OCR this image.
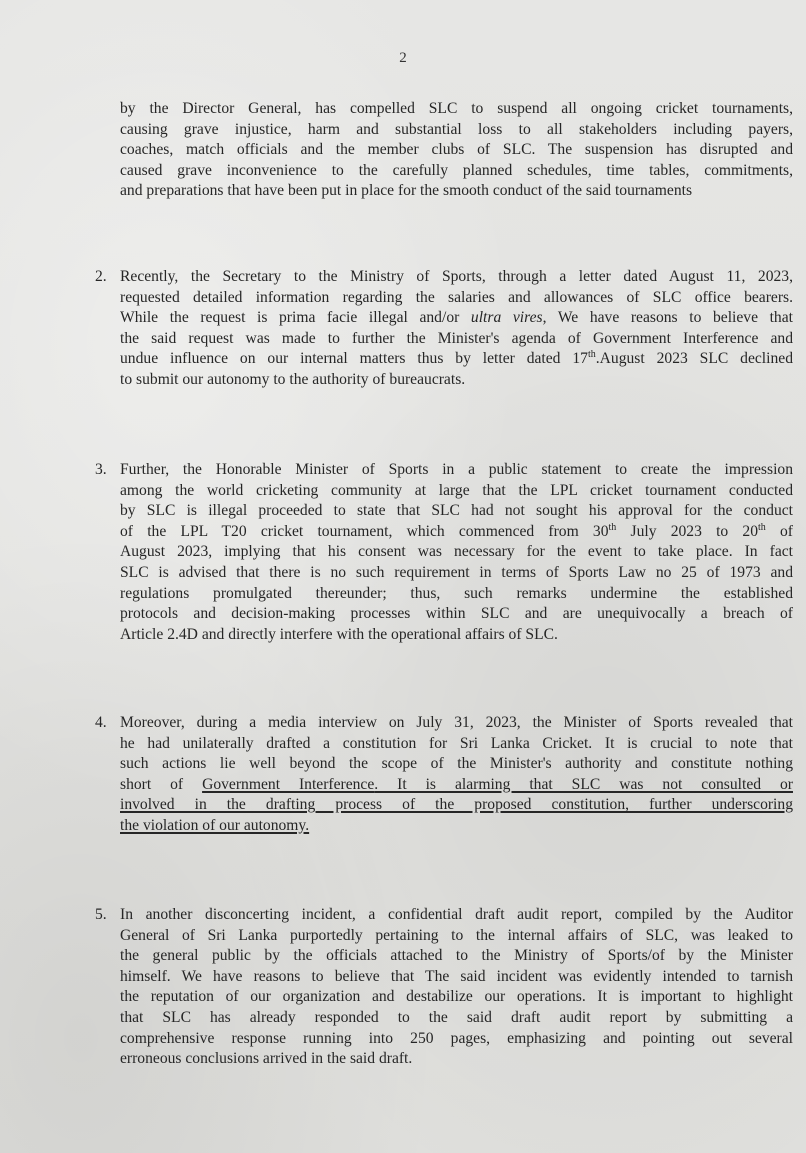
2
by the Director General, has compelled SLC to suspend all ongoing cricket tournaments,
causing grave injustice, harm and substantial loss to all stakeholders including payers,
coaches, match officials and the member clubs of SLC. The suspension has disrupted and
caused grave inconvenience to the carefully planned schedules, time tables, commitments,
and preparations that have been put in place for the smooth conduct of the said tournaments
2. Recently, the Secretary to the Ministry of Sports, through a letter dated August 11, 2023,
requested detailed information regarding the salaries and allowances of SLC office bearers.
While the request is prima facie illegal and/or ultra vires, We have reasons to believe that
the said request was made to further the Minister's agenda of Government Interference and
undue influence on our internal matters thus by letter dated 17th.August 2023 SLC declined
to submit our autonomy to the authority of bureaucrats.
3. Further, the Honorable Minister of Sports in a public statement to create the impression
among the world cricketing community at large that the LPL cricket tournament conducted
by SLC is illegal proceeded to state that SLC had not sought his approval for the conduct
of the LPL T20 cricket tournament, which commenced from 30th July 2023 to 20th of
August 2023, implying that his consent was necessary for the event to take place. In fact
SLC is advised that there is no such requirement in terms of Sports Law no 25 of 1973 and
regulations promulgated thereunder; thus, such remarks undermine the established
protocols and decision-making processes within SLC and are unequivocally a breach of
Article 2.4D and directly interfere with the operational affairs of SLC.
4. Moreover, during a media interview on July 31, 2023, the Minister of Sports revealed that
he had unilaterally drafted a constitution for Sri Lanka Cricket. It is crucial to note that
such actions lie well beyond the scope of the Minister's authority and constitute nothing
short of Government Interference. It is alarming that SLC was not consulted or
involved in the drafting process of the proposed constitution, further underscoring
the violation of our autonomy.
5. In another disconcerting incident, a confidential draft audit report, compiled by the Auditor
General of Sri Lanka purportedly pertaining to the internal affairs of SLC, was leaked to
the general public by the officials attached to the Ministry of Sports/of by the Minister
himself. We have reasons to believe that The said incident was evidently intended to tarnish
the reputation of our organization and destabilize our operations. It is important to highlight
that SLC has already responded to the said draft audit report by submitting a
comprehensive response running into 250 pages, emphasizing and pointing out several
erroneous conclusions arrived in the said draft.
